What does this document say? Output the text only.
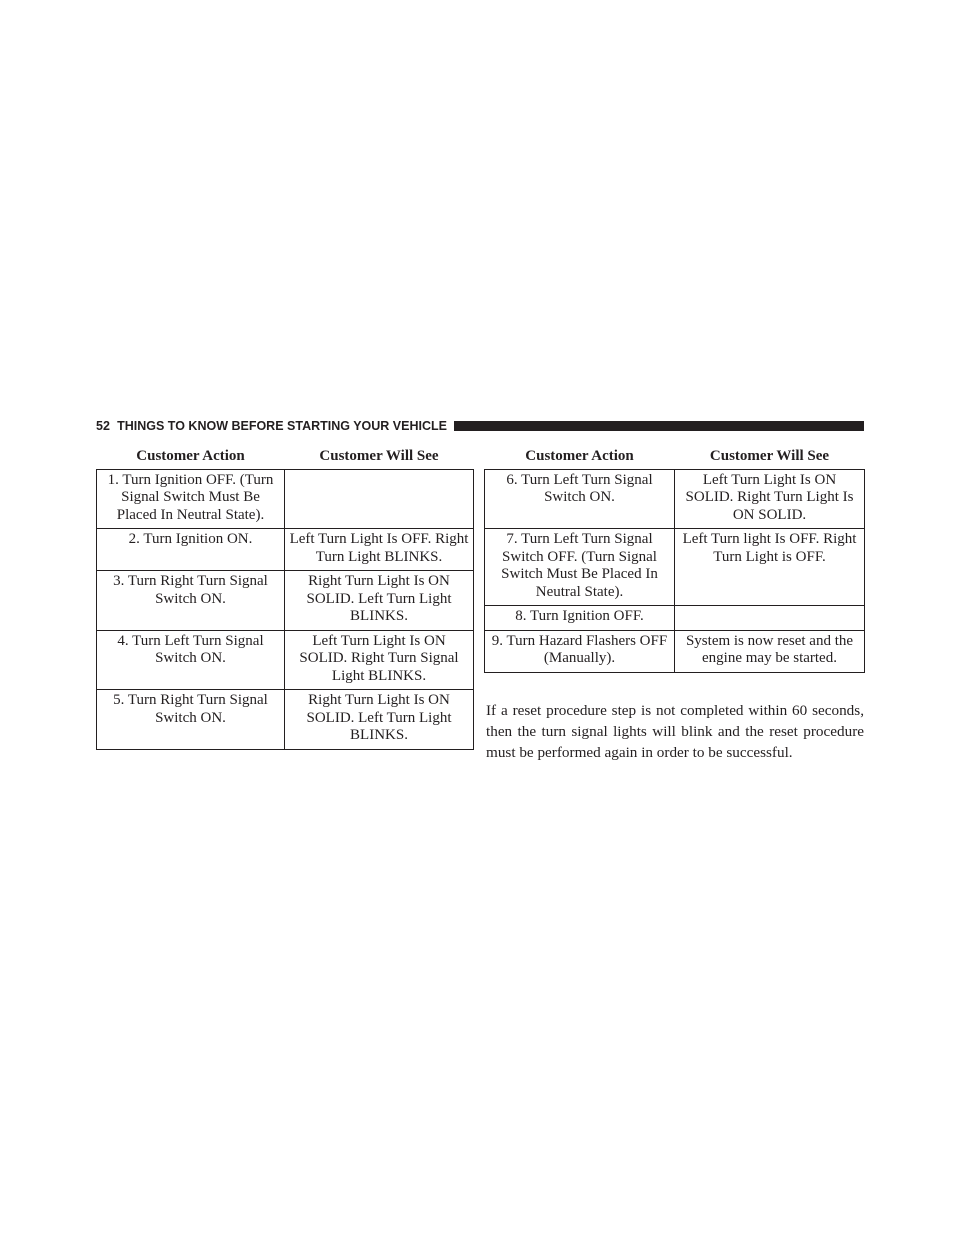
52 THINGS TO KNOW BEFORE STARTING YOUR VEHICLE
Customer Action	Customer Will See
1. Turn Ignition OFF. (Turn Signal Switch Must Be Placed In Neutral State).	
2. Turn Ignition ON.	Left Turn Light Is OFF. Right Turn Light BLINKS.
3. Turn Right Turn Signal Switch ON.	Right Turn Light Is ON SOLID. Left Turn Light BLINKS.
4. Turn Left Turn Signal Switch ON.	Left Turn Light Is ON SOLID. Right Turn Signal Light BLINKS.
5. Turn Right Turn Signal Switch ON.	Right Turn Light Is ON SOLID. Left Turn Light BLINKS.
Customer Action	Customer Will See
6. Turn Left Turn Signal Switch ON.	Left Turn Light Is ON SOLID. Right Turn Light Is ON SOLID.
7. Turn Left Turn Signal Switch OFF. (Turn Signal Switch Must Be Placed In Neutral State).	Left Turn light Is OFF. Right Turn Light is OFF.
8. Turn Ignition OFF.	
9. Turn Hazard Flashers OFF (Manually).	System is now reset and the engine may be started.

If a reset procedure step is not completed within 60 seconds, then the turn signal lights will blink and the reset procedure must be performed again in order to be successful.
